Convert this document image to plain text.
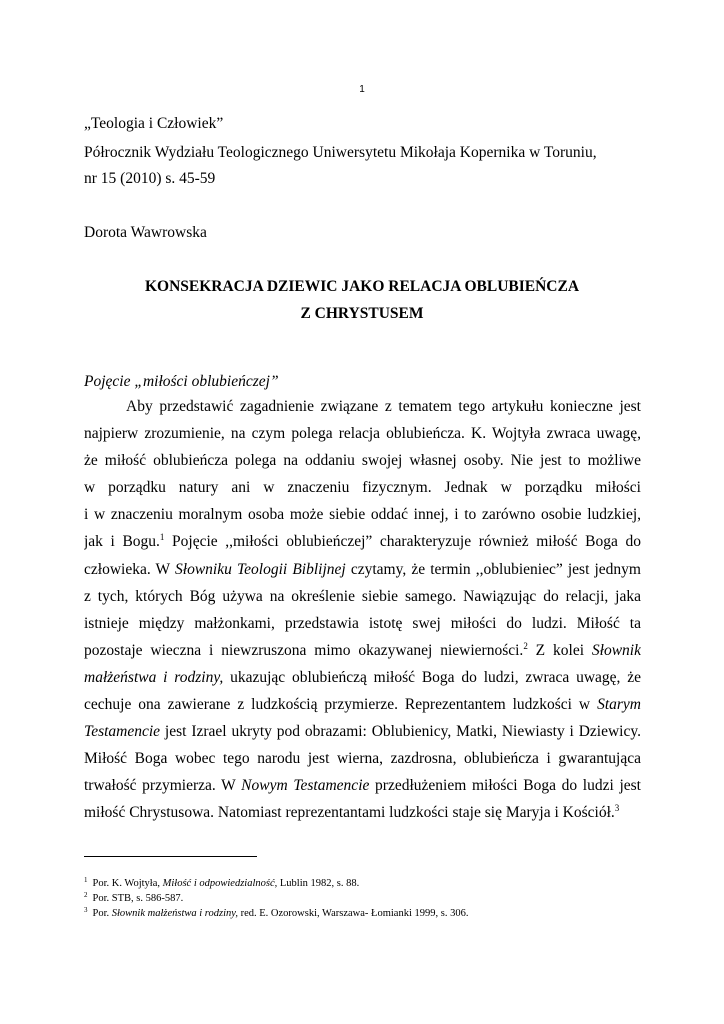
1
„Teologia i Człowiek”
Półrocznik Wydziału Teologicznego Uniwersytetu Mikołaja Kopernika w Toruniu,
nr 15 (2010) s. 45-59
Dorota Wawrowska
KONSEKRACJA DZIEWIC JAKO RELACJA OBLUBIEŃCZA
Z CHRYSTUSEM
Pojęcie „miłości oblubieńczej”
Aby przedstawić zagadnienie związane z tematem tego artykułu konieczne jest
najpierw zrozumienie, na czym polega relacja oblubieńcza. K. Wojtyła zwraca uwagę,
że miłość oblubieńcza polega na oddaniu swojej własnej osoby. Nie jest to możliwe
w porządku natury ani w znaczeniu fizycznym. Jednak w porządku miłości
i w znaczeniu moralnym osoba może siebie oddać innej, i to zarówno osobie ludzkiej,
jak i Bogu.$^1$ Pojęcie ,,miłości oblubieńczej” charakteryzuje również miłość Boga do
człowieka. W Słowniku Teologii Biblijnej czytamy, że termin ,,oblubieniec” jest jednym
z tych, których Bóg używa na określenie siebie samego. Nawiązując do relacji, jaka
istnieje między małżonkami, przedstawia istotę swej miłości do ludzi. Miłość ta
pozostaje wieczna i niewzruszona mimo okazywanej niewierności.$^2$ Z kolei Słownik
małżeństwa i rodziny, ukazując oblubieńczą miłość Boga do ludzi, zwraca uwagę, że
cechuje ona zawierane z ludzkością przymierze. Reprezentantem ludzkości w Starym
Testamencie jest Izrael ukryty pod obrazami: Oblubienicy, Matki, Niewiasty i Dziewicy.
Miłość Boga wobec tego narodu jest wierna, zazdrosna, oblubieńcza i gwarantująca
trwałość przymierza. W Nowym Testamencie przedłużeniem miłości Boga do ludzi jest
miłość Chrystusowa. Natomiast reprezentantami ludzkości staje się Maryja i Kościół.$^3$
$^1$ Por. K. Wojtyła, Miłość i odpowiedzialność, Lublin 1982, s. 88.
$^2$ Por. STB, s. 586-587.
$^3$ Por. Słownik małżeństwa i rodziny, red. E. Ozorowski, Warszawa- Łomianki 1999, s. 306.
